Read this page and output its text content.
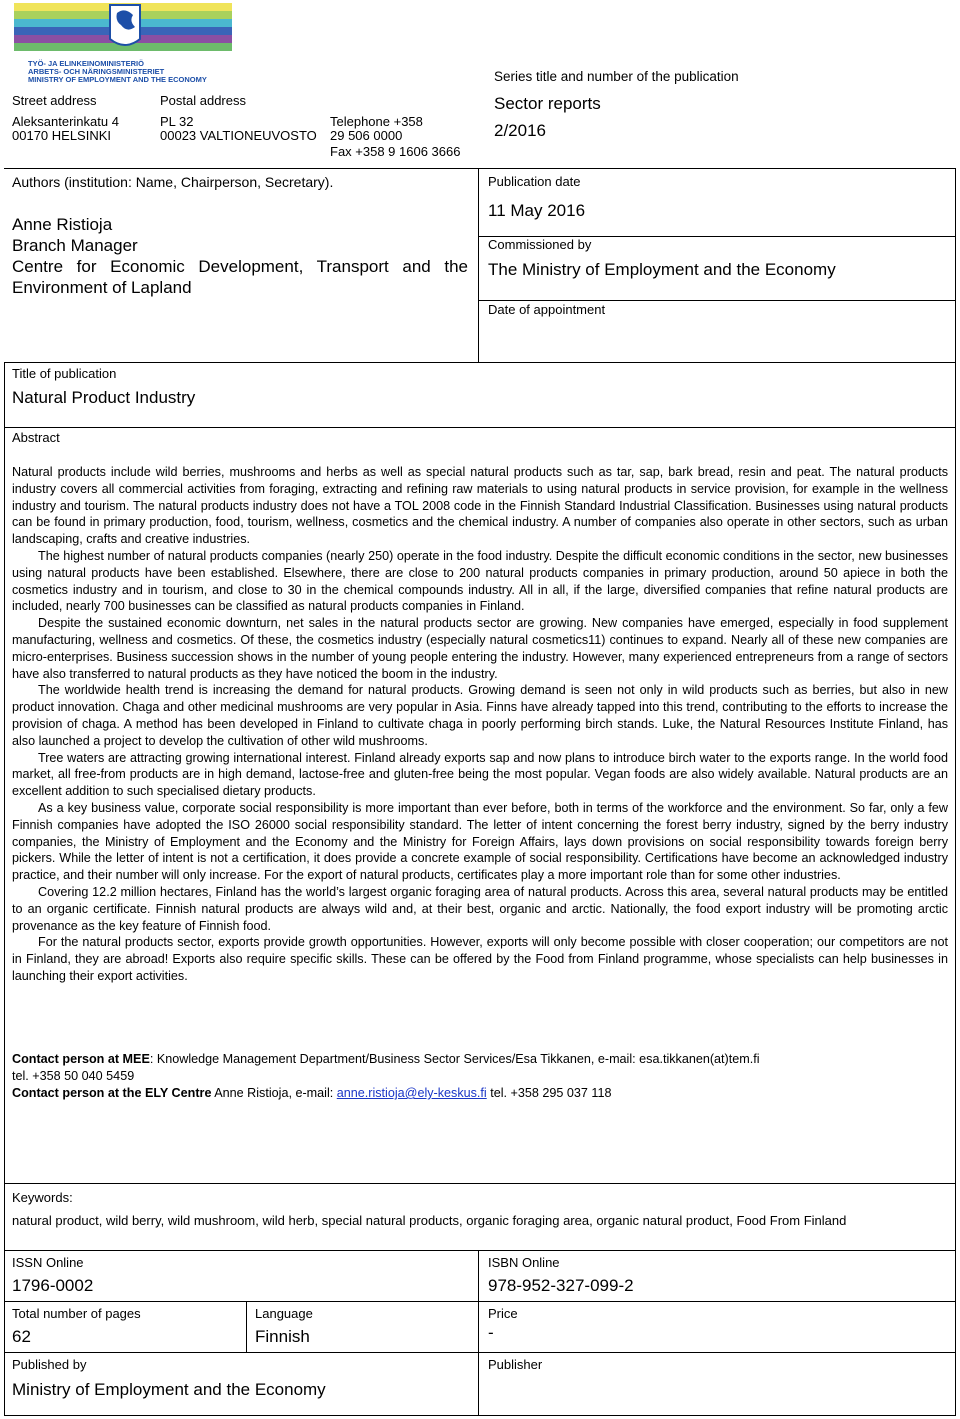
TYÖ- JA ELINKEINOMINISTERIÖ
ARBETS- OCH NÄRINGSMINISTERIET
MINISTRY OF EMPLOYMENT AND THE ECONOMY
Street address
Aleksanterinkatu 4
00170 HELSINKI
Postal address
PL 32
00023 VALTIONEUVOSTO
Telephone +358
29 506 0000
Fax +358 9 1606 3666
Series title and number of the publication
Sector reports
2/2016
Authors (institution: Name, Chairperson, Secretary).
Anne Ristioja
Branch Manager
Centre for Economic Development, Transport and the
Environment of Lapland
Publication date
11 May 2016
Commissioned by
The Ministry of Employment and the Economy
Date of appointment
Title of publication
Natural Product Industry
Abstract

Natural products include wild berries, mushrooms and herbs as well as special natural products such as tar, sap, bark bread, resin and peat. The natural products industry covers all commercial activities from foraging, extracting and refining raw materials to using natural products in service provision, for example in the wellness industry and tourism. The natural products industry does not have a TOL 2008 code in the Finnish Standard Industrial Classification. Businesses using natural products can be found in primary production, food, tourism, wellness, cosmetics and the chemical industry. A number of companies also operate in other sectors, such as urban landscaping, crafts and creative industries.

The highest number of natural products companies (nearly 250) operate in the food industry. Despite the difficult economic conditions in the sector, new businesses using natural products have been established. Elsewhere, there are close to 200 natural products companies in primary production, around 50 apiece in both the cosmetics industry and in tourism, and close to 30 in the chemical compounds industry. All in all, if the large, diversified companies that refine natural products are included, nearly 700 businesses can be classified as natural products companies in Finland.

Despite the sustained economic downturn, net sales in the natural products sector are growing. New companies have emerged, especially in food supplement manufacturing, wellness and cosmetics. Of these, the cosmetics industry (especially natural cosmetics11) continues to expand. Nearly all of these new companies are micro-enterprises. Business succession shows in the number of young people entering the industry. However, many experienced entrepreneurs from a range of sectors have also transferred to natural products as they have noticed the boom in the industry.

The worldwide health trend is increasing the demand for natural products. Growing demand is seen not only in wild products such as berries, but also in new product innovation. Chaga and other medicinal mushrooms are very popular in Asia. Finns have already tapped into this trend, contributing to the efforts to increase the provision of chaga. A method has been developed in Finland to cultivate chaga in poorly performing birch stands. Luke, the Natural Resources Institute Finland, has also launched a project to develop the cultivation of other wild mushrooms.

Tree waters are attracting growing international interest. Finland already exports sap and now plans to introduce birch water to the exports range. In the world food market, all free-from products are in high demand, lactose-free and gluten-free being the most popular. Vegan foods are also widely available. Natural products are an excellent addition to such specialised dietary products.

As a key business value, corporate social responsibility is more important than ever before, both in terms of the workforce and the environment. So far, only a few Finnish companies have adopted the ISO 26000 social responsibility standard. The letter of intent concerning the forest berry industry, signed by the berry industry companies, the Ministry of Employment and the Economy and the Ministry for Foreign Affairs, lays down provisions on social responsibility towards foreign berry pickers. While the letter of intent is not a certification, it does provide a concrete example of social responsibility. Certifications have become an acknowledged industry practice, and their number will only increase. For the export of natural products, certificates play a more important role than for some other industries.

Covering 12.2 million hectares, Finland has the world’s largest organic foraging area of natural products. Across this area, several natural products may be entitled to an organic certificate. Finnish natural products are always wild and, at their best, organic and arctic. Nationally, the food export industry will be promoting arctic provenance as the key feature of Finnish food.

For the natural products sector, exports provide growth opportunities. However, exports will only become possible with closer cooperation; our competitors are not in Finland, they are abroad! Exports also require specific skills. These can be offered by the Food from Finland programme, whose specialists can help businesses in launching their export activities.

Contact person at MEE: Knowledge Management Department/Business Sector Services/Esa Tikkanen, e-mail: esa.tikkanen(at)tem.fi
tel. +358 50 040 5459
Contact person at the ELY Centre Anne Ristioja, e-mail: anne.ristioja@ely-keskus.fi tel. +358 295 037 118
Keywords:
natural product, wild berry, wild mushroom, wild herb, special natural products, organic foraging area, organic natural product, Food From Finland
ISSN Online
1796-0002
ISBN Online
978-952-327-099-2
Total number of pages
62
Language
Finnish
Price
-
Published by
Ministry of Employment and the Economy
Publisher
